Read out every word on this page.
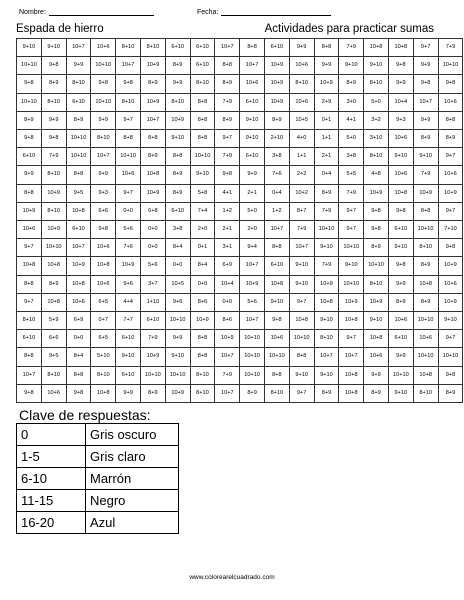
Nombre:	Fecha:
Espada de hierro	Actividades para practicar sumas
9+10	9+10	10+7	10+6	8+10	8+10	6+10	6+10	10+7	8+8	6+10	9+9	8+8	7+9	10+8	10+8	9+7	7+9
10+10	9+8	9+9	10+10	10+7	10+9	8+9	6+10	8+8	10+7	10+9	10+6	9+9	9+10	9+10	9+8	9+9	10+10
9+8	8+9	8+10	9+8	9+8	8+9	9+9	8+10	8+9	10+6	10+9	8+10	10+9	8+9	8+10	9+9	9+8	9+8
10+10	8+10	6+10	10+10	8+10	10+9	8+10	8+8	7+9	6+10	10+9	10+6	2+9	3+0	5+0	10+4	10+7	10+6
8+9	9+9	8+9	9+9	9+7	10+7	10+9	8+8	8+9	9+10	8+9	10+5	0+1	4+1	3+2	9+3	9+9	8+8
9+8	9+8	10+10	8+10	8+8	8+8	9+10	8+8	9+7	9+10	2+10	4+0	1+1	5+0	3+10	10+6	8+9	8+9
6+10	7+9	10+10	10+7	10+10	8+9	8+8	10+10	7+9	6+10	3+8	1+1	2+1	3+8	8+10	9+10	9+10	9+7
9+9	8+10	8+8	9+9	10+6	10+8	8+9	9+10	9+8	9+9	7+6	2+2	0+4	5+5	4+8	10+6	7+9	10+6
8+8	10+9	9+5	9+3	9+7	10+9	8+9	5+8	4+1	2+1	0+4	10+2	8+9	7+9	10+9	10+8	10+9	10+9
10+9	8+10	10+8	6+6	0+0	6+8	6+10	7+4	1+2	5+0	1+2	8+7	7+9	9+7	9+8	9+8	8+8	9+7
10+6	10+9	6+10	9+8	5+6	0+0	3+8	2+0	2+1	2+0	10+7	7+9	10+10	9+7	9+8	6+10	10+10	7+10
9+7	10+10	10+7	10+6	7+6	0+0	8+4	0+1	3+1	9+4	8+8	10+7	9+10	10+10	8+9	9+10	8+10	9+8
10+8	10+8	10+9	10+8	10+9	5+6	0+0	8+4	6+9	10+7	6+10	9+10	7+9	9+10	10+10	9+8	8+9	10+9
8+8	8+9	10+8	10+6	9+6	3+7	10+5	0+0	10+4	10+9	10+8	9+10	10+9	10+10	8+10	9+9	10+8	10+6
9+7	10+8	10+6	6+5	4+4	1+10	9+6	8+6	0+0	5+6	9+10	9+7	10+8	10+9	10+9	8+9	8+9	10+9
8+10	5+9	6+9	0+7	7+7	6+10	10+10	10+9	8+6	10+7	9+8	10+8	9+10	10+8	9+10	10+6	10+10	9+10
6+10	6+6	0+0	6+5	6+10	7+9	9+9	8+8	10+9	10+10	10+6	10+10	8+10	9+7	10+8	6+10	10+6	9+7
8+8	9+5	8+4	5+10	9+10	10+9	9+10	8+8	10+7	10+10	10+10	8+8	10+7	10+7	10+6	9+9	10+10	10+10
10+7	8+10	8+8	8+10	6+10	10+10	10+10	8+10	7+9	10+10	8+8	9+10	9+10	10+8	9+9	10+10	10+8	9+8
9+8	10+6	9+8	10+8	9+9	8+9	10+9	8+10	10+7	8+9	8+10	9+7	8+9	10+8	8+9	9+10	8+10	8+9
Clave de respuestas:
0	Gris oscuro
1-5	Gris claro
6-10	Marrón
11-15	Negro
16-20	Azul
www.colorearelcuadrado.com
